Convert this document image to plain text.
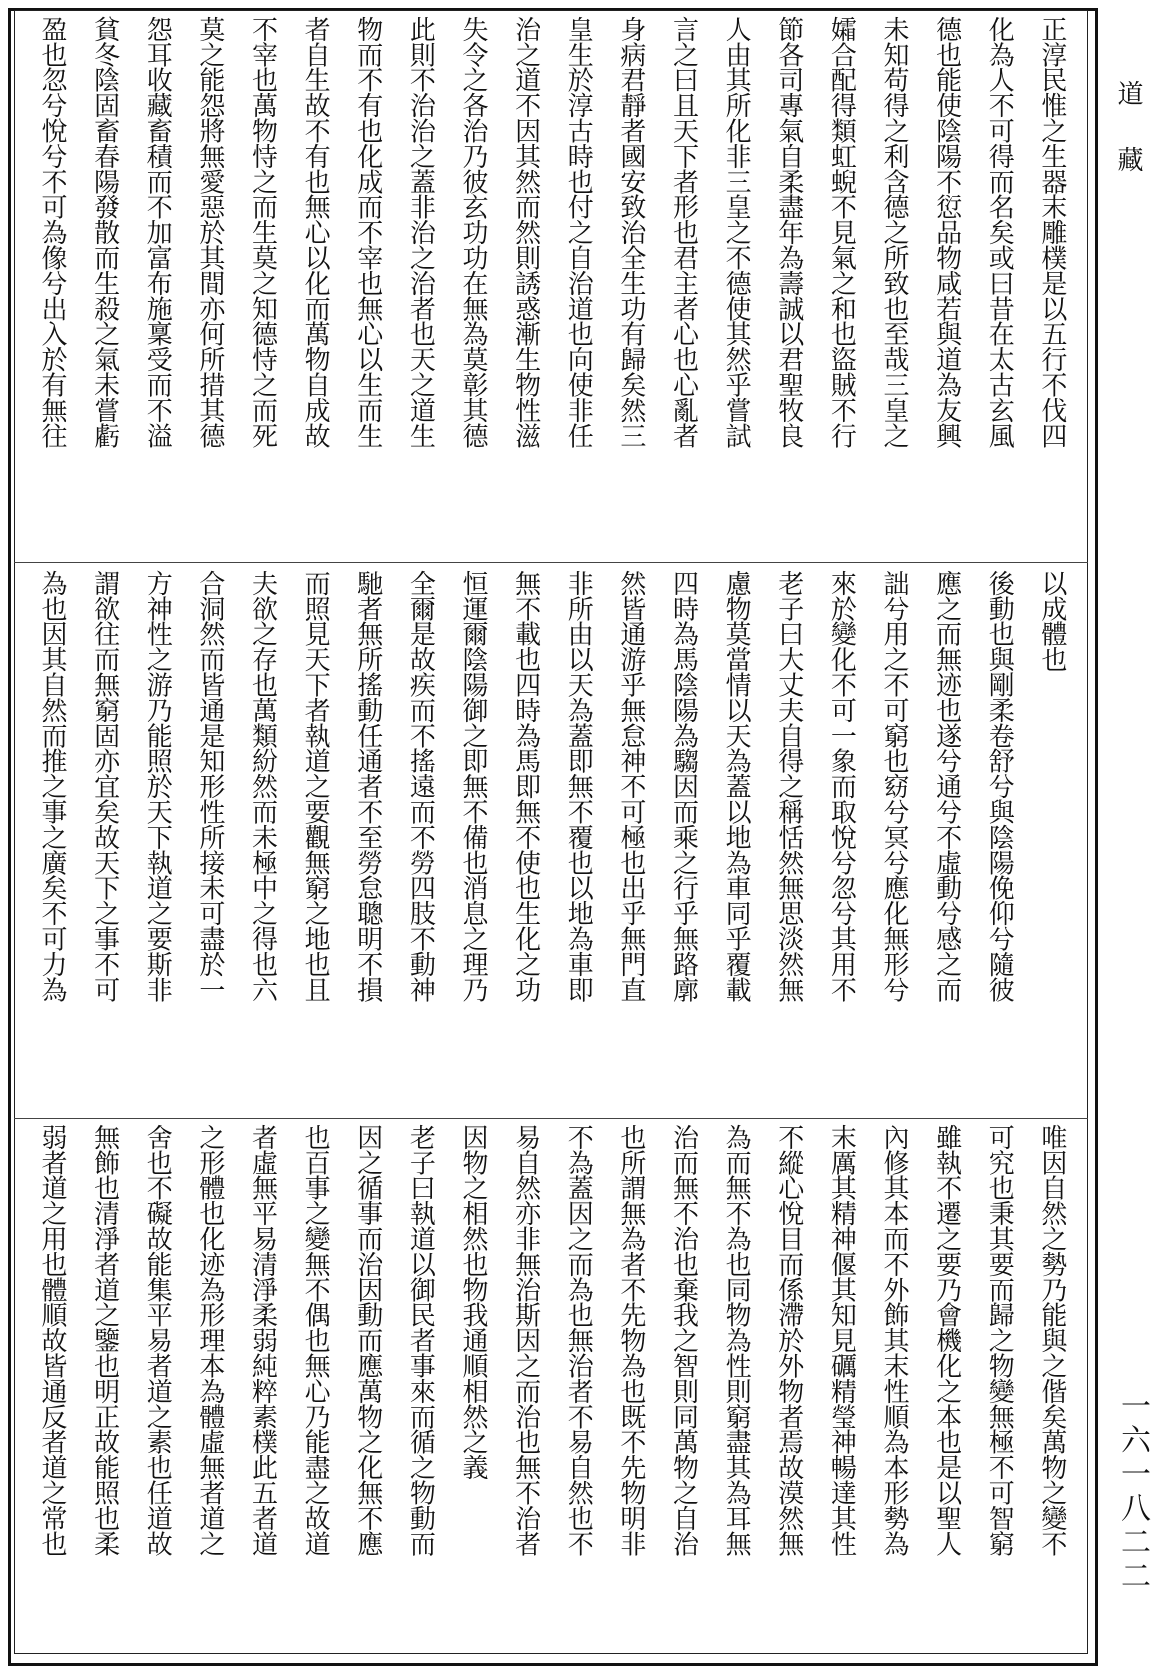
道藏
一六一八二二
正淳民惟之生器末雕樸是以五行不伐四
化為人不可得而名矣或曰昔在太古玄風
德也能使陰陽不愆品物咸若與道為友興
未知苟得之利含德之所致也至哉三皇之
孀合配得類虹蜺不見氣之和也盜賊不行
節各司專氣自柔盡年為壽誠以君聖牧良
人由其所化非三皇之不德使其然乎嘗試
言之曰且天下者形也君主者心也心亂者
身病君靜者國安致治全生功有歸矣然三
皇生於淳古時也付之自治道也向使非任
治之道不因其然而然則誘惑漸生物性滋
失令之各治乃彼玄功功在無為莫彰其德
此則不治治之蓋非治之治者也天之道生
物而不有也化成而不宰也無心以生而生
者自生故不有也無心以化而萬物自成故
不宰也萬物恃之而生莫之知德恃之而死
莫之能怨將無愛惡於其間亦何所措其德
怨耳收藏畜積而不加富布施稟受而不溢
貧冬陰固畜春陽發散而生殺之氣未嘗虧
盈也忽兮悅兮不可為像兮出入於有無往
以成體也
後動也與剛柔卷舒兮與陰陽俛仰兮隨彼
應之而無迹也遂兮通兮不虛動兮感之而
詘兮用之不可窮也窈兮冥兮應化無形兮
來於變化不可一象而取悅兮忽兮其用不
老子曰大丈夫自得之稱恬然無思淡然無
慮物莫當情以天為蓋以地為車同乎覆載
四時為馬陰陽為騶因而乘之行乎無路廓
然皆通游乎無怠神不可極也出乎無門直
非所由以天為蓋即無不覆也以地為車即
無不載也四時為馬即無不使也生化之功
恒運爾陰陽御之即無不備也消息之理乃
全爾是故疾而不搖遠而不勞四肢不動神
馳者無所搖動任通者不至勞怠聰明不損
而照見天下者執道之要觀無窮之地也且
夫欲之存也萬類紛然而未極中之得也六
合洞然而皆通是知形性所接未可盡於一
方神性之游乃能照於天下執道之要斯非
謂欲往而無窮固亦宜矣故天下之事不可
為也因其自然而推之事之廣矣不可力為
唯因自然之勢乃能與之偕矣萬物之變不
可究也秉其要而歸之物變無極不可智窮
雖執不遷之要乃會機化之本也是以聖人
內修其本而不外飾其末性順為本形勢為
末厲其精神偃其知見礪精瑩神暢達其性
不縱心悅目而係滯於外物者焉故漠然無
為而無不為也同物為性則窮盡其為耳無
治而無不治也棄我之智則同萬物之自治
也所謂無為者不先物為也既不先物明非
不為蓋因之而為也無治者不易自然也不
易自然亦非無治斯因之而治也無不治者
因物之相然也物我通順相然之義
老子曰執道以御民者事來而循之物動而
因之循事而治因動而應萬物之化無不應
也百事之變無不偶也無心乃能盡之故道
者虛無平易清淨柔弱純粹素樸此五者道
之形體也化迹為形理本為體虛無者道之
舍也不礙故能集平易者道之素也任道故
無飾也清淨者道之鑒也明正故能照也柔
弱者道之用也體順故皆通反者道之常也
